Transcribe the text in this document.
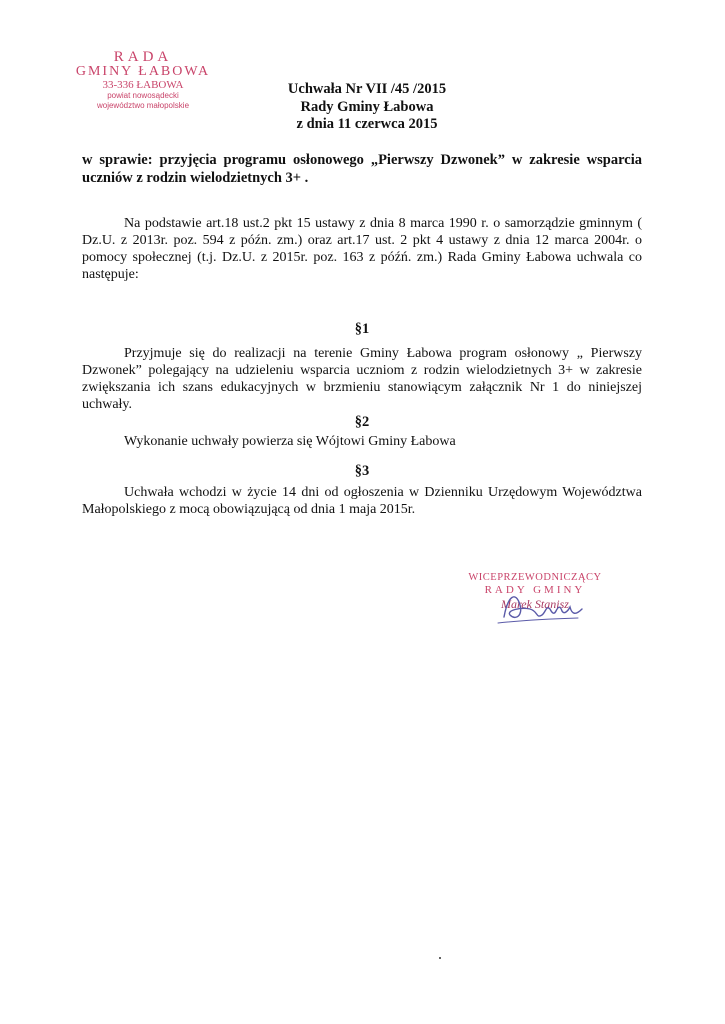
RADA
GMINY ŁABOWA
33-336 ŁABOWA
powiat nowosądecki
województwo małopolskie
Uchwała Nr VII /45 /2015
Rady Gminy Łabowa
z dnia 11 czerwca 2015
w sprawie: przyjęcia programu osłonowego „Pierwszy Dzwonek” w zakresie wsparcia uczniów z rodzin wielodzietnych 3+ .
Na podstawie art.18 ust.2 pkt 15 ustawy z dnia 8 marca 1990 r. o samorządzie gminnym ( Dz.U. z 2013r. poz. 594 z późn. zm.) oraz art.17 ust. 2 pkt 4 ustawy z dnia 12 marca 2004r. o pomocy społecznej (t.j. Dz.U. z 2015r. poz. 163 z późń. zm.) Rada Gminy Łabowa uchwala co następuje:
§1
Przyjmuje się do realizacji na terenie Gminy Łabowa program osłonowy „ Pierwszy Dzwonek” polegający na udzieleniu wsparcia uczniom z rodzin wielodzietnych 3+ w zakresie zwiększania ich szans edukacyjnych w brzmieniu stanowiącym załącznik Nr 1 do niniejszej uchwały.
§2
Wykonanie uchwały powierza się Wójtowi Gminy Łabowa
§3
Uchwała wchodzi w życie 14 dni od ogłoszenia w Dzienniku Urzędowym Województwa Małopolskiego z mocą obowiązującą od dnia 1 maja 2015r.
WICEPRZEWODNICZĄCY
RADY GMINY
Marek Stanisz
